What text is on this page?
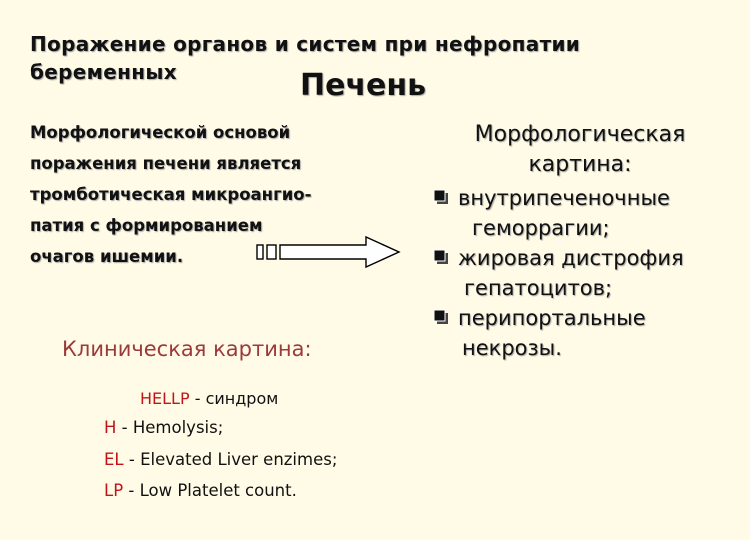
Поражение органов и систем при нефропатии беременных	Печень
Морфологической основой
поражения печени является
тромботическая микроангио-
патия с формированием
очагов ишемии.
Клиническая картина:
HELLP - синдром
H - Hemolysis;
EL - Elevated Liver enzimes;
LP - Low Platelet count.
Морфологическая
картина:
внутрипеченочные
геморрагии;
жировая дистрофия
гепатоцитов;
перипортальные
некрозы.
